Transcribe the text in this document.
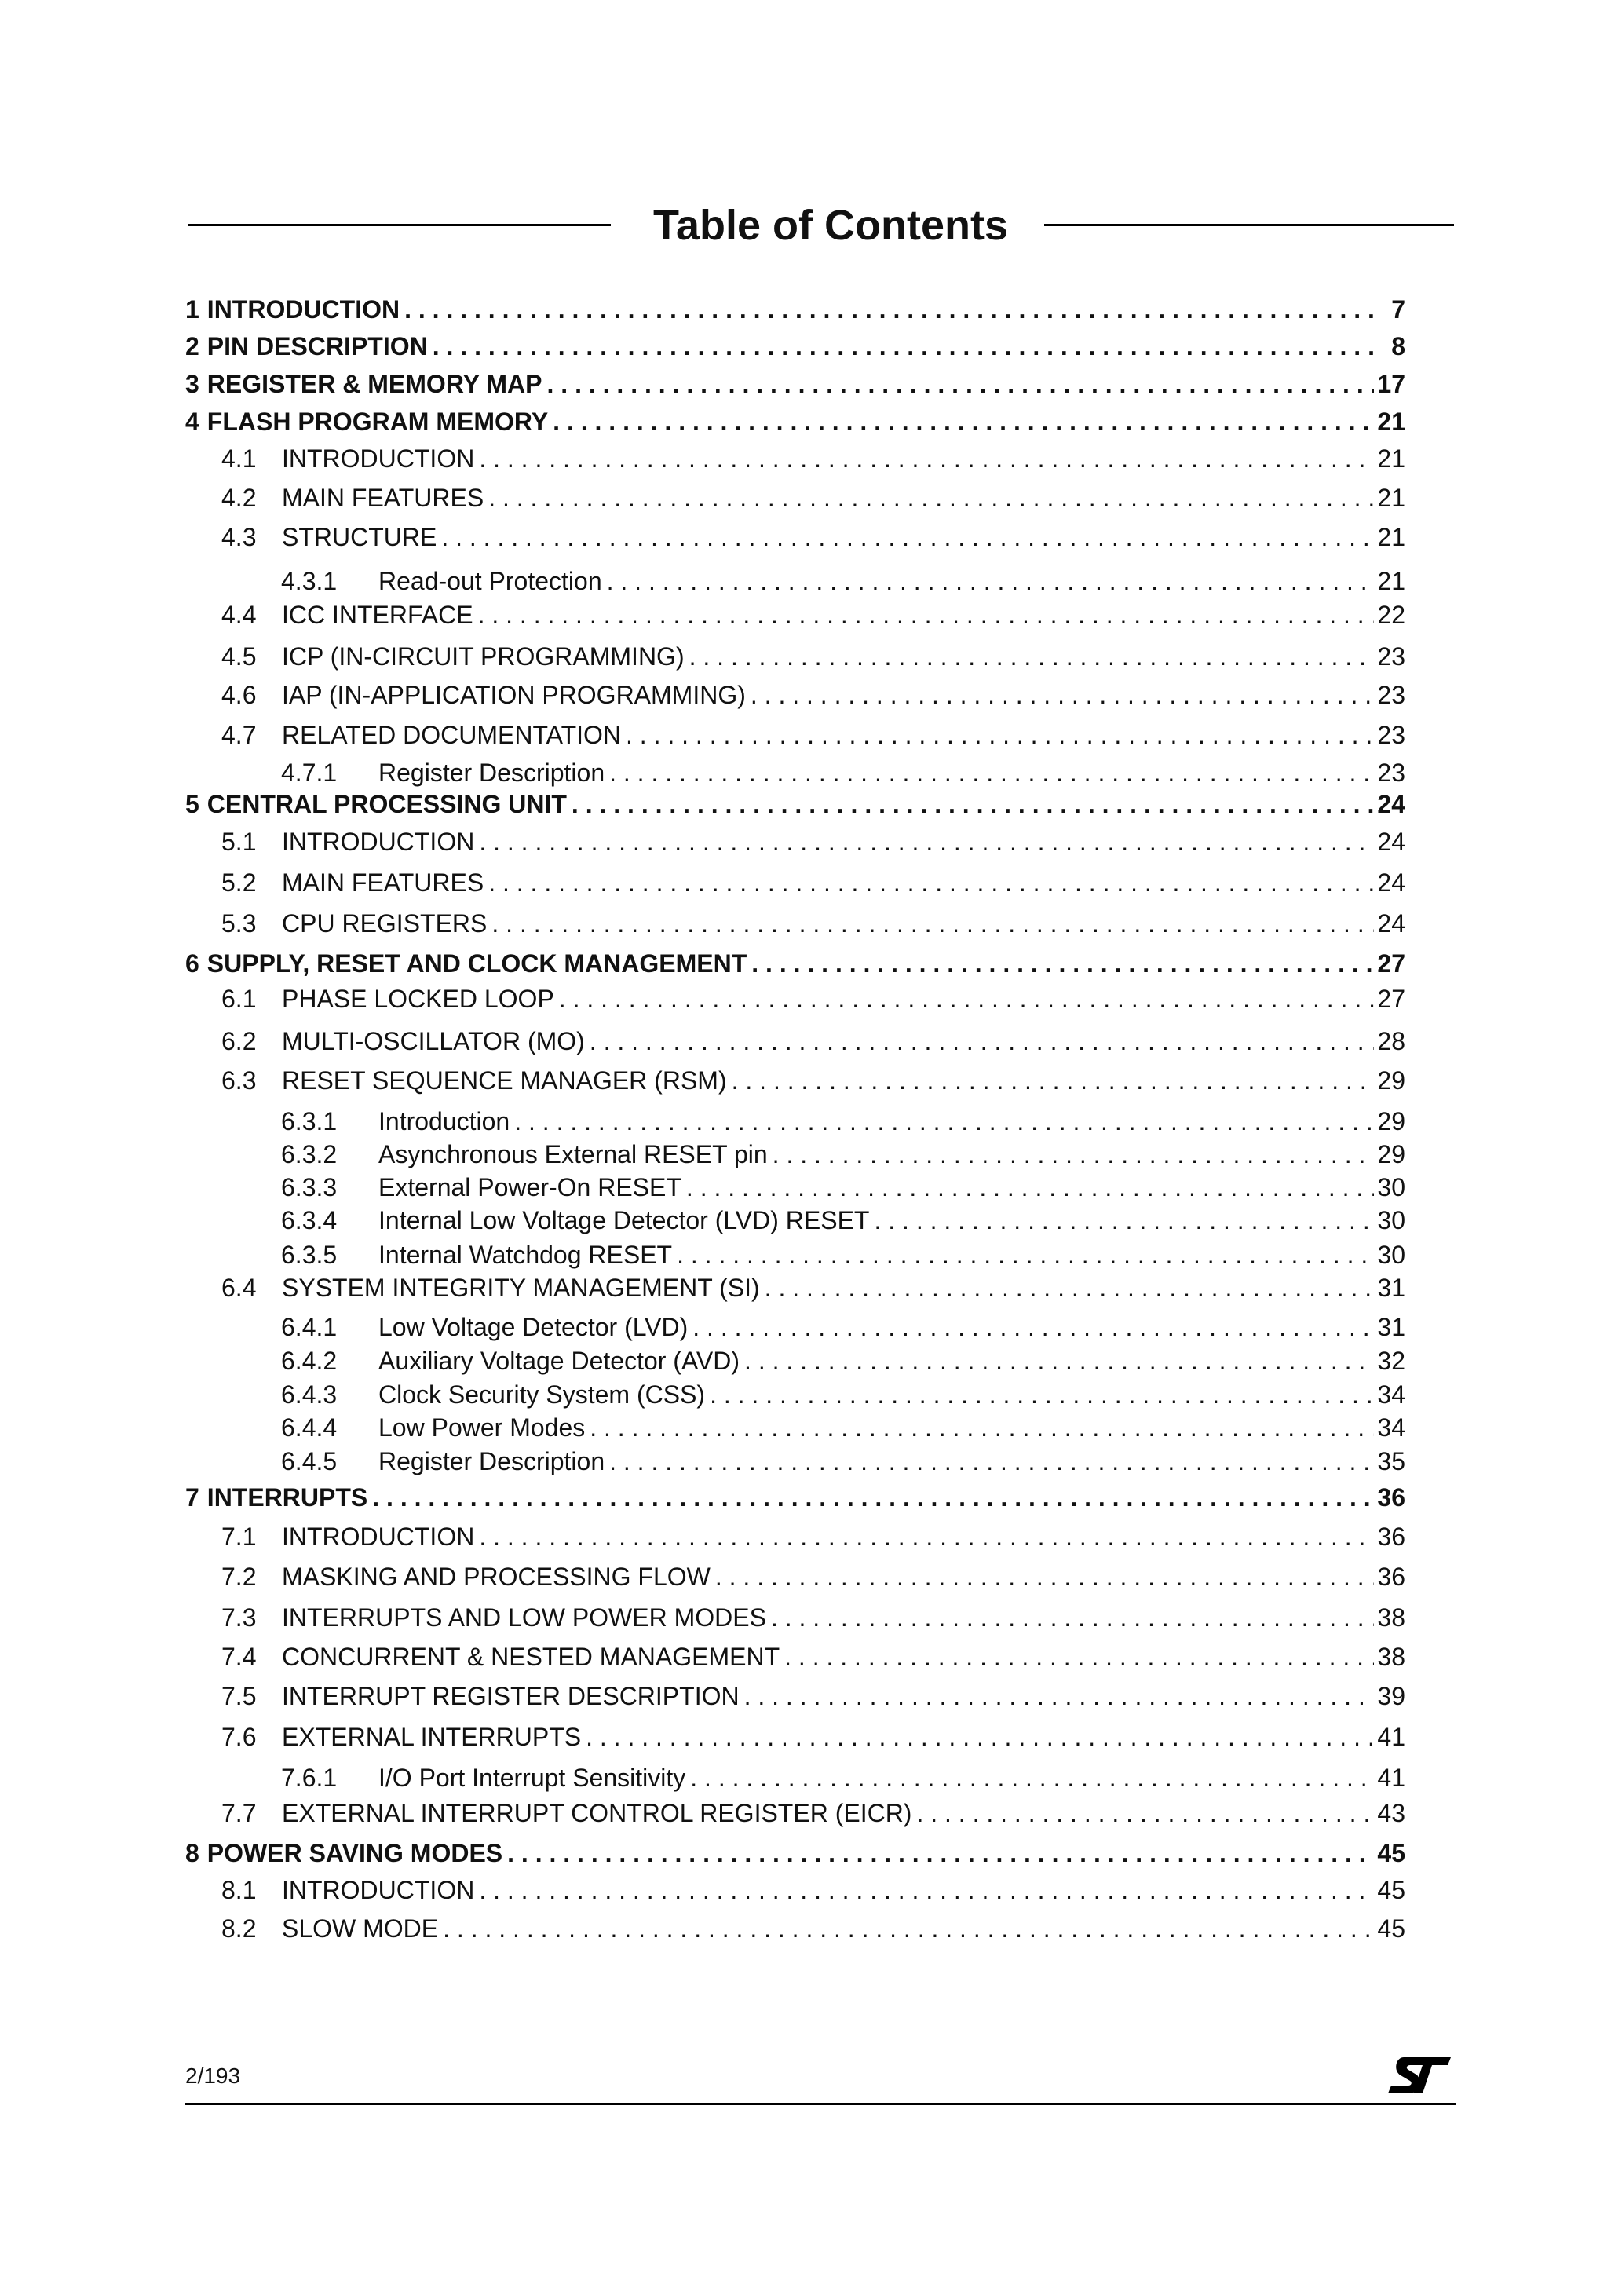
Table of Contents
1 INTRODUCTION . . .	7
2 PIN DESCRIPTION . . .	8
3 REGISTER & MEMORY MAP . . .	17
4 FLASH PROGRAM MEMORY . . .	21
4.1	INTRODUCTION . . .	21
4.2	MAIN FEATURES . . .	21
4.3	STRUCTURE . . .	21
4.3.1	Read-out Protection . . .	21
4.4	ICC INTERFACE . . .	22
4.5	ICP (IN-CIRCUIT PROGRAMMING) . . .	23
4.6	IAP (IN-APPLICATION PROGRAMMING) . . .	23
4.7	RELATED DOCUMENTATION . . .	23
4.7.1	Register Description . . .	23
5 CENTRAL PROCESSING UNIT . . .	24
5.1	INTRODUCTION . . .	24
5.2	MAIN FEATURES . . .	24
5.3	CPU REGISTERS . . .	24
6 SUPPLY, RESET AND CLOCK MANAGEMENT . . .	27
6.1	PHASE LOCKED LOOP . . .	27
6.2	MULTI-OSCILLATOR (MO) . . .	28
6.3	RESET SEQUENCE MANAGER (RSM) . . .	29
6.3.1	Introduction . . .	29
6.3.2	Asynchronous External RESET pin . . .	29
6.3.3	External Power-On RESET . . .	30
6.3.4	Internal Low Voltage Detector (LVD) RESET . . .	30
6.3.5	Internal Watchdog RESET . . .	30
6.4	SYSTEM INTEGRITY MANAGEMENT (SI) . . .	31
6.4.1	Low Voltage Detector (LVD) . . .	31
6.4.2	Auxiliary Voltage Detector (AVD) . . .	32
6.4.3	Clock Security System (CSS) . . .	34
6.4.4	Low Power Modes . . .	34
6.4.5	Register Description . . .	35
7 INTERRUPTS . . .	36
7.1	INTRODUCTION . . .	36
7.2	MASKING AND PROCESSING FLOW . . .	36
7.3	INTERRUPTS AND LOW POWER MODES . . .	38
7.4	CONCURRENT & NESTED MANAGEMENT . . .	38
7.5	INTERRUPT REGISTER DESCRIPTION . . .	39
7.6	EXTERNAL INTERRUPTS . . .	41
7.6.1	I/O Port Interrupt Sensitivity . . .	41
7.7	EXTERNAL INTERRUPT CONTROL REGISTER (EICR) . . .	43
8 POWER SAVING MODES . . .	45
8.1	INTRODUCTION . . .	45
8.2	SLOW MODE . . .	45
2/193
